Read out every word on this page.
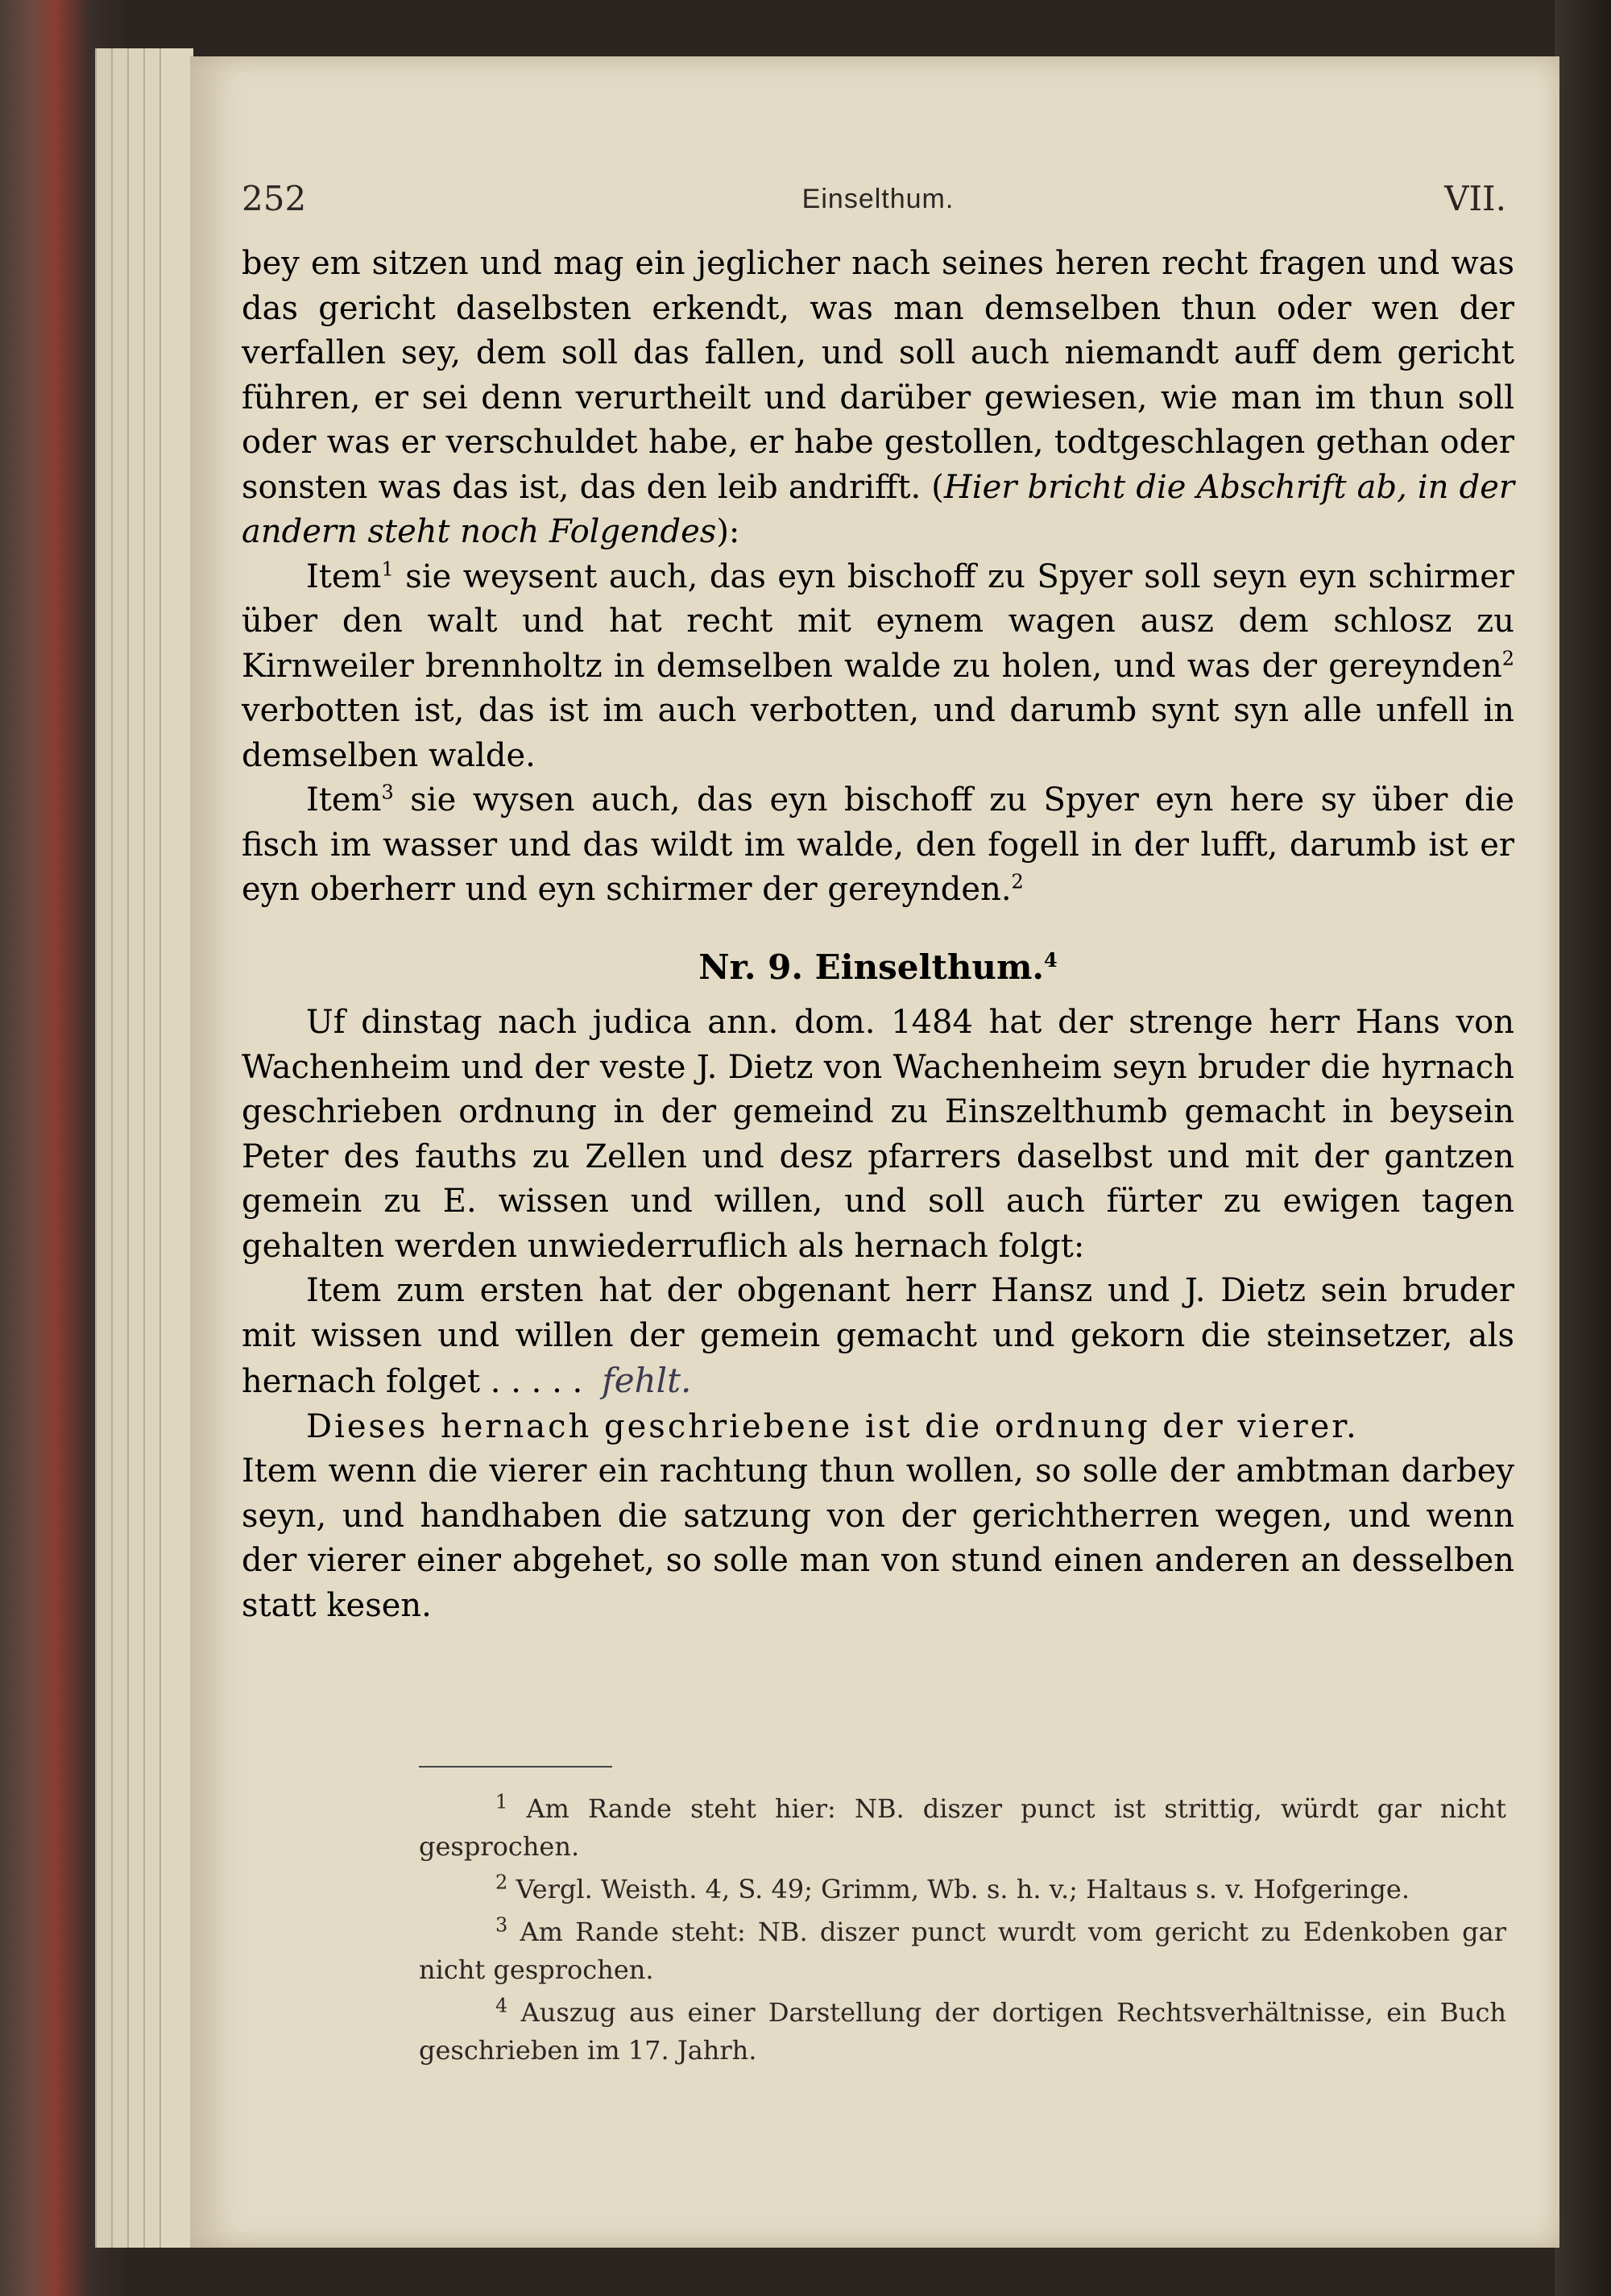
252	Einselthum.	VII.

bey em sitzen und mag ein jeglicher nach seines heren recht fragen und was das gericht daselbsten erkendt, was man demselben thun oder wen der verfallen sey, dem soll das fallen, und soll auch niemandt auff dem gericht führen, er sei denn verurtheilt und darüber gewiesen, wie man im thun soll oder was er verschuldet habe, er habe gestollen, todtgeschlagen gethan oder sonsten was das ist, das den leib andrifft. (Hier bricht die Abschrift ab, in der andern steht noch Folgendes):

Item$^1$ sie weysent auch, das eyn bischoff zu Spyer soll seyn eyn schirmer über den walt und hat recht mit eynem wagen ausz dem schlosz zu Kirnweiler brennholtz in demselben walde zu holen, und was der gereynden$^2$ verbotten ist, das ist im auch verbotten, und darumb synt syn alle unfell in demselben walde.

Item$^3$ sie wysen auch, das eyn bischoff zu Spyer eyn here sy über die fisch im wasser und das wildt im walde, den fogell in der lufft, darumb ist er eyn oberherr und eyn schirmer der gereynden.$^2$

Nr. 9. Einselthum.$^4$

Uf dinstag nach judica ann. dom. 1484 hat der strenge herr Hans von Wachenheim und der veste J. Dietz von Wachenheim seyn bruder die hyrnach geschrieben ordnung in der gemeind zu Einszelthumb gemacht in beysein Peter des fauths zu Zellen und desz pfarrers daselbst und mit der gantzen gemein zu E. wissen und willen, und soll auch fürter zu ewigen tagen gehalten werden unwiederruflich als hernach folgt:

Item zum ersten hat der obgenant herr Hansz und J. Dietz sein bruder mit wissen und willen der gemein gemacht und gekorn die steinsetzer, als hernach folget . . . . . fehlt.

Dieses hernach geschriebene ist die ordnung der vierer.

Item wenn die vierer ein rachtung thun wollen, so solle der ambtman darbey seyn, und handhaben die satzung von der gerichtherren wegen, und wenn der vierer einer abgehet, so solle man von stund einen anderen an desselben statt kesen.

$^1$ Am Rande steht hier: NB. diszer punct ist strittig, würdt gar nicht gesprochen.

$^2$ Vergl. Weisth. 4, S. 49; Grimm, Wb. s. h. v.; Haltaus s. v. Hofgeringe.

$^3$ Am Rande steht: NB. diszer punct wurdt vom gericht zu Edenkoben gar nicht gesprochen.

$^4$ Auszug aus einer Darstellung der dortigen Rechtsverhältnisse, ein Buch geschrieben im 17. Jahrh.
